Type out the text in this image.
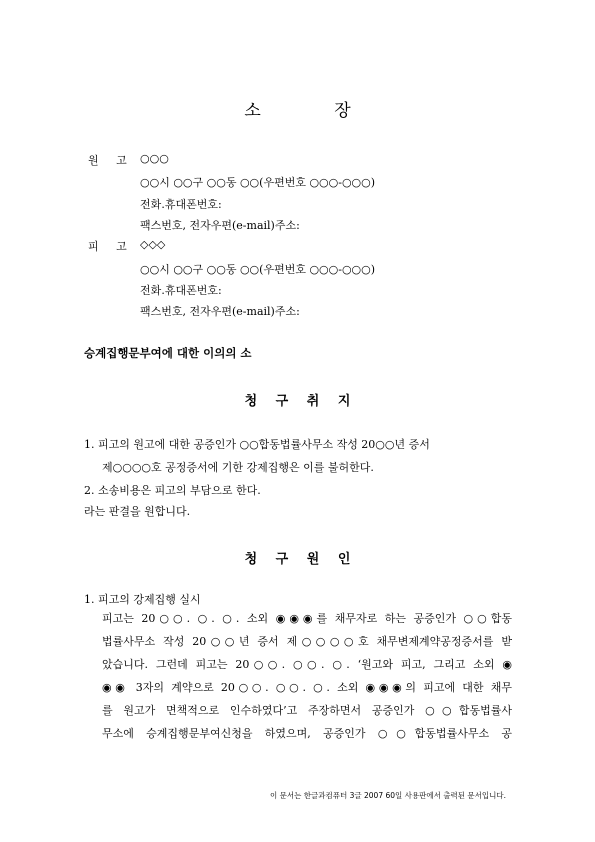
소 장
원 고 ○○○
○○시 ○○구 ○○동 ○○(우편번호 ○○○-○○○)
전화․휴대폰번호:
팩스번호, 전자우편(e-mail)주소:
피 고 ◇◇◇
○○시 ○○구 ○○동 ○○(우편번호 ○○○-○○○)
전화․휴대폰번호:
팩스번호, 전자우편(e-mail)주소:
승계집행문부여에 대한 이의의 소
청 구 취 지
1. 피고의 원고에 대한 공증인가 ○○합동법률사무소 작성 20○○년 증서
제○○○○호 공정증서에 기한 강제집행은 이를 불허한다.
2. 소송비용은 피고의 부담으로 한다.
라는 판결을 원합니다.
청 구 원 인
1. 피고의 강제집행 실시
피고는 20○○. ○. ○. 소외 ◉◉◉를 채무자로 하는 공증인가 ○○합동
법률사무소 작성 20○○년 증서 제○○○○호 채무변제계약공정증서를 받
았습니다. 그런데 피고는 20○○. ○○. ○. ‘원고와 피고, 그리고 소외 ◉
◉◉ 3자의 계약으로 20○○. ○○. ○. 소외 ◉◉◉의 피고에 대한 채무
를 원고가 면책적으로 인수하였다’고 주장하면서 공증인가 ○○합동법률사
무소에 승계집행문부여신청을 하였으며, 공증인가 ○○합동법률사무소 공
이 문서는 한글과컴퓨터 3글 2007 60일 사용판에서 출력된 문서입니다.
